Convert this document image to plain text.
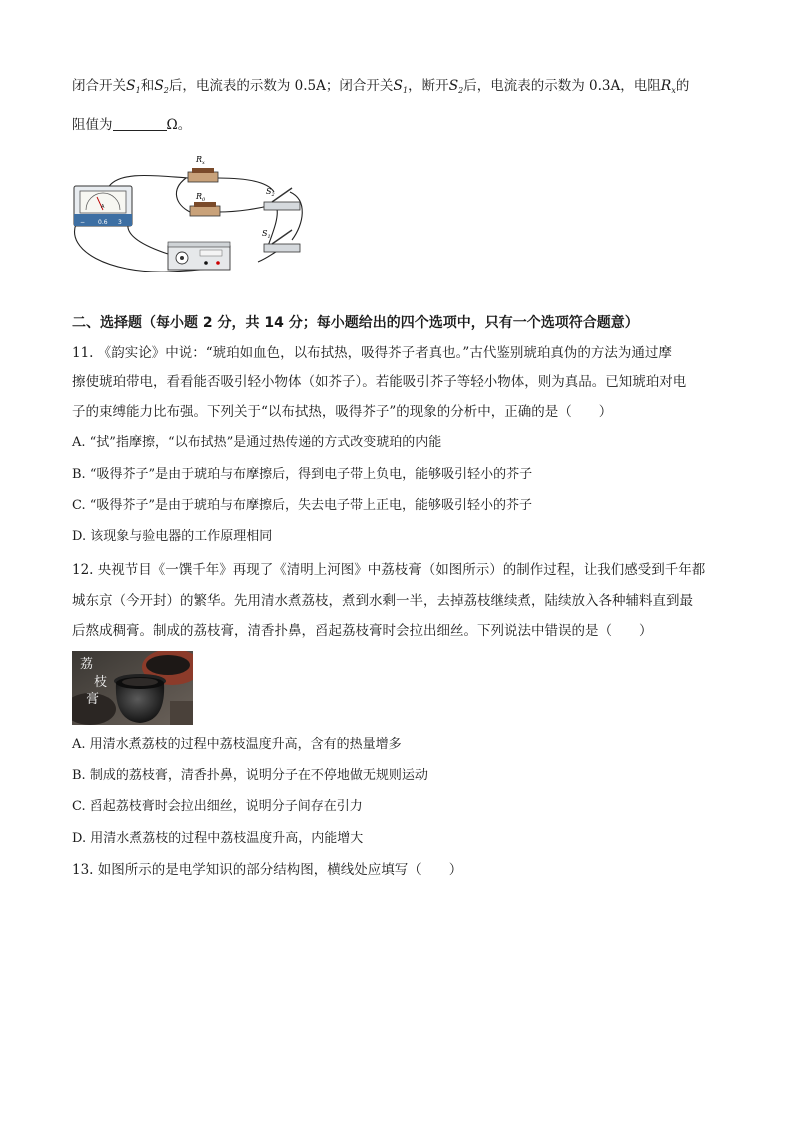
闭合开关$S_1$和$S_2$后，电流表的示数为 0.5A；闭合开关$S_1$，断开$S_2$后，电流表的示数为 0.3A，电阻$R_x$的
阻值为	Ω。
A
− 0.6 3
$R_x$
$R_0$
$S_2$
$S_1$
二、选择题（每小题 2 分，共 14 分；每小题给出的四个选项中，只有一个选项符合题意）
11. 《韵实论》中说：“琥珀如血色，以布拭热，吸得芥子者真也。”古代鉴别琥珀真伪的方法为通过摩
擦使琥珀带电，看看能否吸引轻小物体（如芥子）。若能吸引芥子等轻小物体，则为真品。已知琥珀对电
子的束缚能力比布强。下列关于“以布拭热，吸得芥子”的现象的分析中，正确的是（　　）
A. “拭”指摩擦，“以布拭热”是通过热传递的方式改变琥珀的内能
B. “吸得芥子”是由于琥珀与布摩擦后，得到电子带上负电，能够吸引轻小的芥子
C. “吸得芥子”是由于琥珀与布摩擦后，失去电子带上正电，能够吸引轻小的芥子
D. 该现象与验电器的工作原理相同
12. 央视节目《一馔千年》再现了《清明上河图》中荔枝膏（如图所示）的制作过程，让我们感受到千年都
城东京（今开封）的繁华。先用清水煮荔枝，煮到水剩一半，去掉荔枝继续煮，陆续放入各种辅料直到最
后熬成稠膏。制成的荔枝膏，清香扑鼻，舀起荔枝膏时会拉出细丝。下列说法中错误的是（　　）
荔
枝
膏
A. 用清水煮荔枝的过程中荔枝温度升高，含有的热量增多
B. 制成的荔枝膏，清香扑鼻，说明分子在不停地做无规则运动
C. 舀起荔枝膏时会拉出细丝，说明分子间存在引力
D. 用清水煮荔枝的过程中荔枝温度升高，内能增大
13. 如图所示的是电学知识的部分结构图，横线处应填写（　　）
